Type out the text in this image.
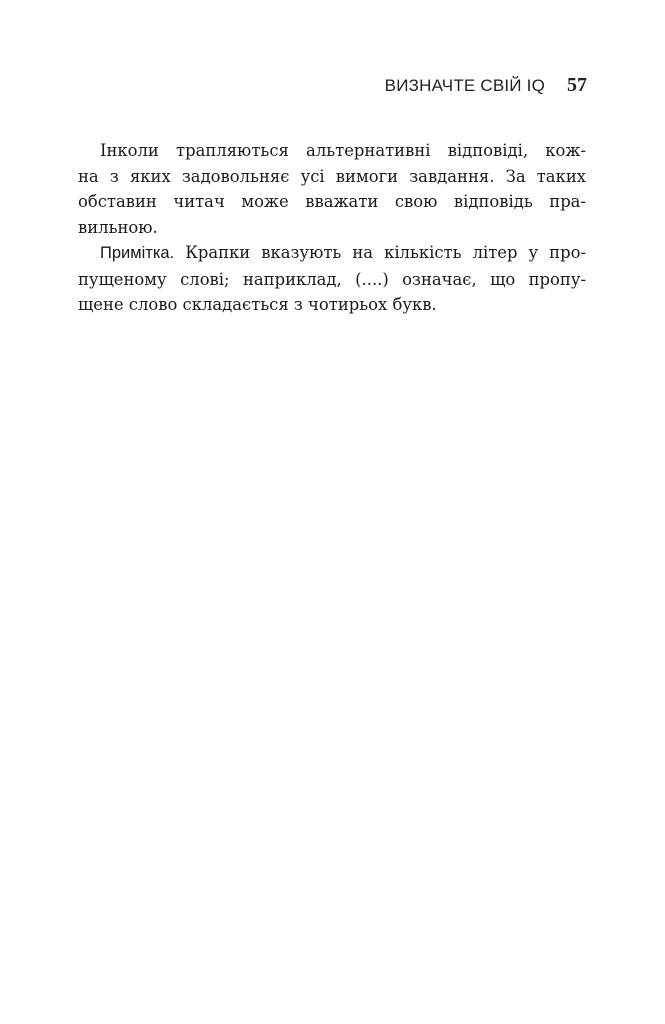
ВИЗНАЧТЕ СВІЙ IQ 57
Інколи трапляються альтернативні відповіді, кож-
на з яких задовольняє усі вимоги завдання. За таких
обставин читач може вважати свою відповідь пра-
вильною.
Примітка. Крапки вказують на кількість літер у про-
пущеному слові; наприклад, (....) означає, що пропу-
щене слово складається з чотирьох букв.
